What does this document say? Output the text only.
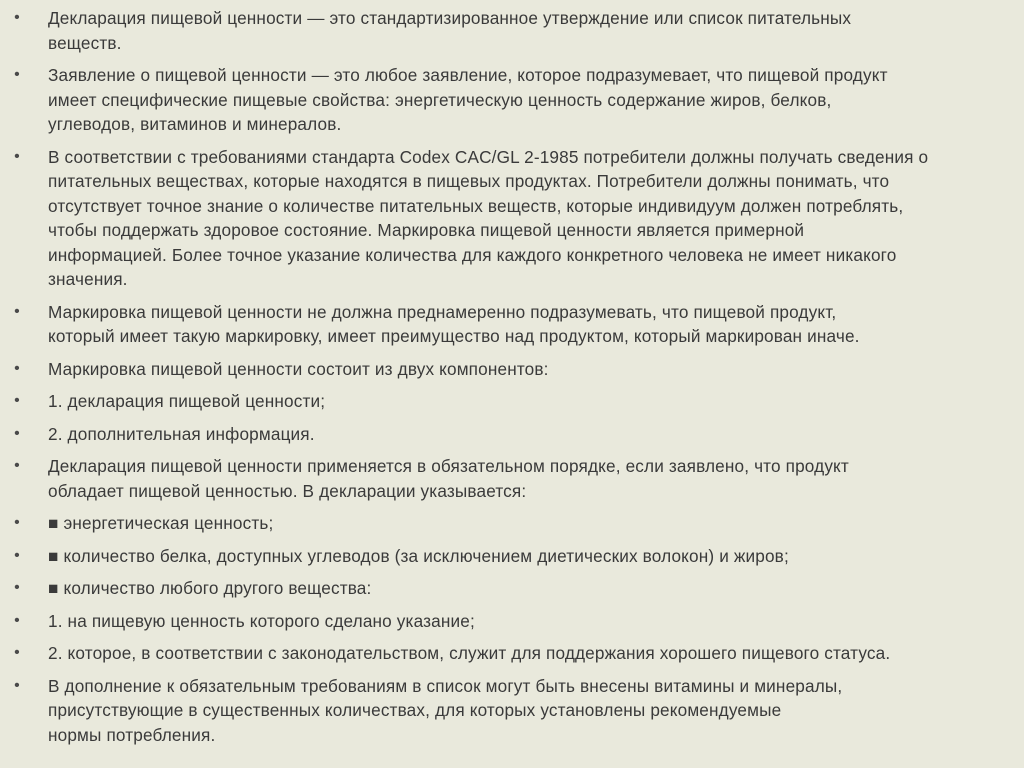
• Декларация пищевой ценности — это стандартизированное утверждение или список питательных
веществ.
• Заявление о пищевой ценности — это любое заявление, которое подразумевает, что пищевой продукт
имеет специфические пищевые свойства: энергетическую ценность содержание жиров, белков,
углеводов, витаминов и минералов.
• В соответствии с требованиями стандарта Codex CAC/GL 2-1985 потребители должны получать сведения о
питательных веществах, которые находятся в пищевых продуктах. Потребители должны понимать, что
отсутствует точное знание о количестве питательных веществ, которые индивидуум должен потреблять,
чтобы поддержать здоровое состояние. Маркировка пищевой ценности является примерной
информацией. Более точное указание количества для каждого конкретного человека не имеет никакого
значения.
• Маркировка пищевой ценности не должна преднамеренно подразумевать, что пищевой продукт,
который имеет такую маркировку, имеет преимущество над продуктом, который маркирован иначе.
• Маркировка пищевой ценности состоит из двух компонентов:
• 1. декларация пищевой ценности;
• 2. дополнительная информация.
• Декларация пищевой ценности применяется в обязательном порядке, если заявлено, что продукт
обладает пищевой ценностью. В декларации указывается:
• ■ энергетическая ценность;
• ■ количество белка, доступных углеводов (за исключением диетических волокон) и жиров;
• ■ количество любого другого вещества:
• 1. на пищевую ценность которого сделано указание;
• 2. которое, в соответствии с законодательством, служит для поддержания хорошего пищевого статуса.
• В дополнение к обязательным требованиям в список могут быть внесены витамины и минералы,
присутствующие в существенных количествах, для которых установлены рекомендуемые
нормы потребления.
